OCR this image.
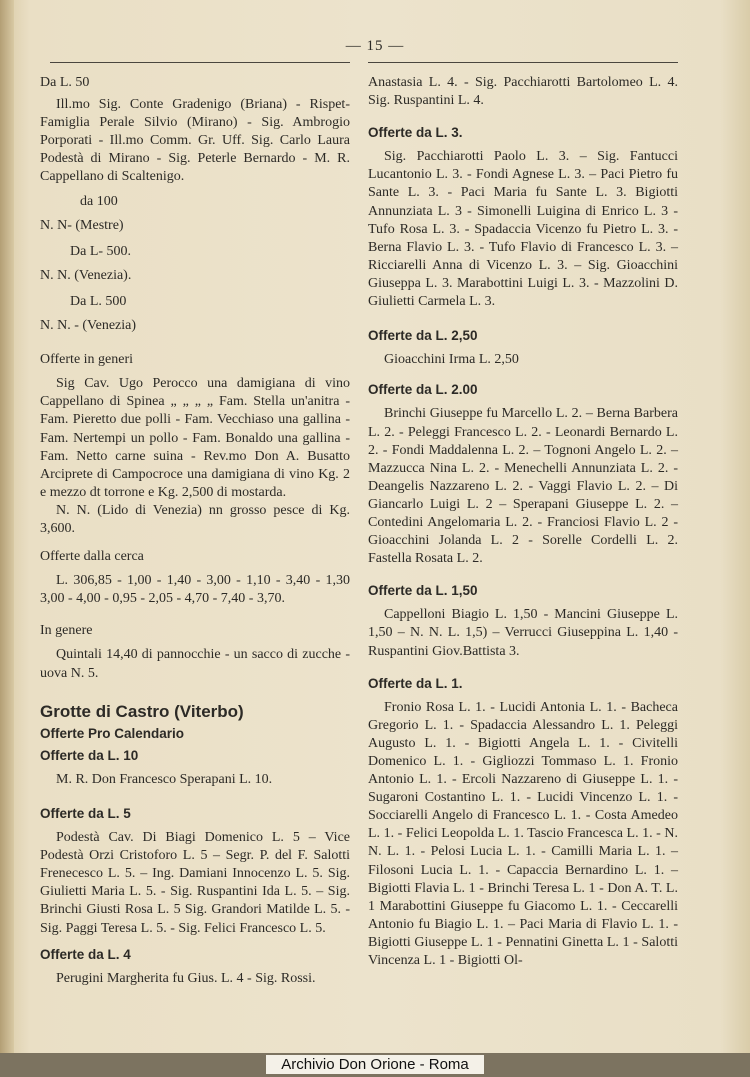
— 15 —

Da L. 50

Ill.mo Sig. Conte Gradenigo (Briana) - Rispet-Famiglia Perale Silvio (Mirano) - Sig. Ambrogio Porporati - Ill.mo Comm. Gr. Uff. Sig. Carlo Laura Podestà di Mirano - Sig. Peterle Bernardo - M. R. Cappellano di Scaltenigo.

da 100

N. N- (Mestre)

Da L- 500.

N. N. (Venezia).

Da L. 500

N. N. - (Venezia)

Offerte in generi

Sig Cav. Ugo Perocco una damigiana di vino Cappellano di Spinea „ „ „ „ Fam. Stella un'anitra - Fam. Pieretto due polli - Fam. Vecchiaso una gallina - Fam. Nertempi un pollo - Fam. Bonaldo una gallina - Fam. Netto carne suina - Rev.mo Don A. Busatto Arciprete di Campocroce una damigiana di vino Kg. 2 e mezzo dt torrone e Kg. 2,500 di mostarda.

N. N. (Lido di Venezia) nn grosso pesce di Kg. 3,600.

Offerte dalla cerca

L. 306,85 - 1,00 - 1,40 - 3,00 - 1,10 - 3,40 - 1,30 3,00 - 4,00 - 0,95 - 2,05 - 4,70 - 7,40 - 3,70.

In genere

Quintali 14,40 di pannocchie - un sacco di zucche - uova N. 5.

Grotte di Castro (Viterbo)

Offerte Pro Calendario

Offerte da L. 10

M. R. Don Francesco Sperapani L. 10.

Offerte da L. 5

Podestà Cav. Di Biagi Domenico L. 5 – Vice Podestà Orzi Cristoforo L. 5 – Segr. P. del F. Salotti Frenecesco L. 5. – Ing. Damiani Innocenzo L. 5. Sig. Giulietti Maria L. 5. - Sig. Ruspantini Ida L. 5. – Sig. Brinchi Giusti Rosa L. 5 Sig. Grandori Matilde L. 5. - Sig. Paggi Teresa L. 5. - Sig. Felici Francesco L. 5.

Offerte da L. 4

Perugini Margherita fu Gius. L. 4 - Sig. Rossi.

Anastasia L. 4. - Sig. Pacchiarotti Bartolomeo L. 4. Sig. Ruspantini L. 4.

Offerte da L. 3.

Sig. Pacchiarotti Paolo L. 3. – Sig. Fantucci Lucantonio L. 3. - Fondi Agnese L. 3. – Paci Pietro fu Sante L. 3. - Paci Maria fu Sante L. 3. Bigiotti Annunziata L. 3 - Simonelli Luigina di Enrico L. 3 - Tufo Rosa L. 3. - Spadaccia Vicenzo fu Pietro L. 3. - Berna Flavio L. 3. - Tufo Flavio di Francesco L. 3. – Ricciarelli Anna di Vicenzo L. 3. – Sig. Gioacchini Giuseppa L. 3. Marabottini Luigi L. 3. - Mazzolini D. Giulietti Carmela L. 3.

Offerte da L. 2,50

Gioacchini Irma L. 2,50

Offerte da L. 2.00

Brinchi Giuseppe fu Marcello L. 2. – Berna Barbera L. 2. - Peleggi Francesco L. 2. - Leonardi Bernardo L. 2. - Fondi Maddalenna L. 2. – Tognoni Angelo L. 2. – Mazzucca Nina L. 2. - Menechelli Annunziata L. 2. - Deangelis Nazzareno L. 2. - Vaggi Flavio L. 2. – Di Giancarlo Luigi L. 2 – Sperapani Giuseppe L. 2. – Contedini Angelomaria L. 2. - Franciosi Flavio L. 2 - Gioacchini Jolanda L. 2 - Sorelle Cordelli L. 2. Fastella Rosata L. 2.

Offerte da L. 1,50

Cappelloni Biagio L. 1,50 - Mancini Giuseppe L. 1,50 – N. N. L. 1,5) – Verrucci Giuseppina L. 1,40 - Ruspantini Giov.Battista 3.

Offerte da L. 1.

Fronio Rosa L. 1. - Lucidi Antonia L. 1. - Bacheca Gregorio L. 1. - Spadaccia Alessandro L. 1. Peleggi Augusto L. 1. - Bigiotti Angela L. 1. - Civitelli Domenico L. 1. - Gigliozzi Tommaso L. 1. Fronio Antonio L. 1. - Ercoli Nazzareno di Giuseppe L. 1. - Sugaroni Costantino L. 1. - Lucidi Vincenzo L. 1. - Socciarelli Angelo di Francesco L. 1. - Costa Amedeo L. 1. - Felici Leopolda L. 1. Tascio Francesca L. 1. - N. N. L. 1. - Pelosi Lucia L. 1. - Camilli Maria L. 1. – Filosoni Lucia L. 1. - Capaccia Bernardino L. 1. – Bigiotti Flavia L. 1 - Brinchi Teresa L. 1 - Don A. T. L. 1 Marabottini Giuseppe fu Giacomo L. 1. - Ceccarelli Antonio fu Biagio L. 1. – Paci Maria di Flavio L. 1. - Bigiotti Giuseppe L. 1 - Pennatini Ginetta L. 1 - Salotti Vincenza L. 1 - Bigiotti Ol-

Archivio Don Orione - Roma
